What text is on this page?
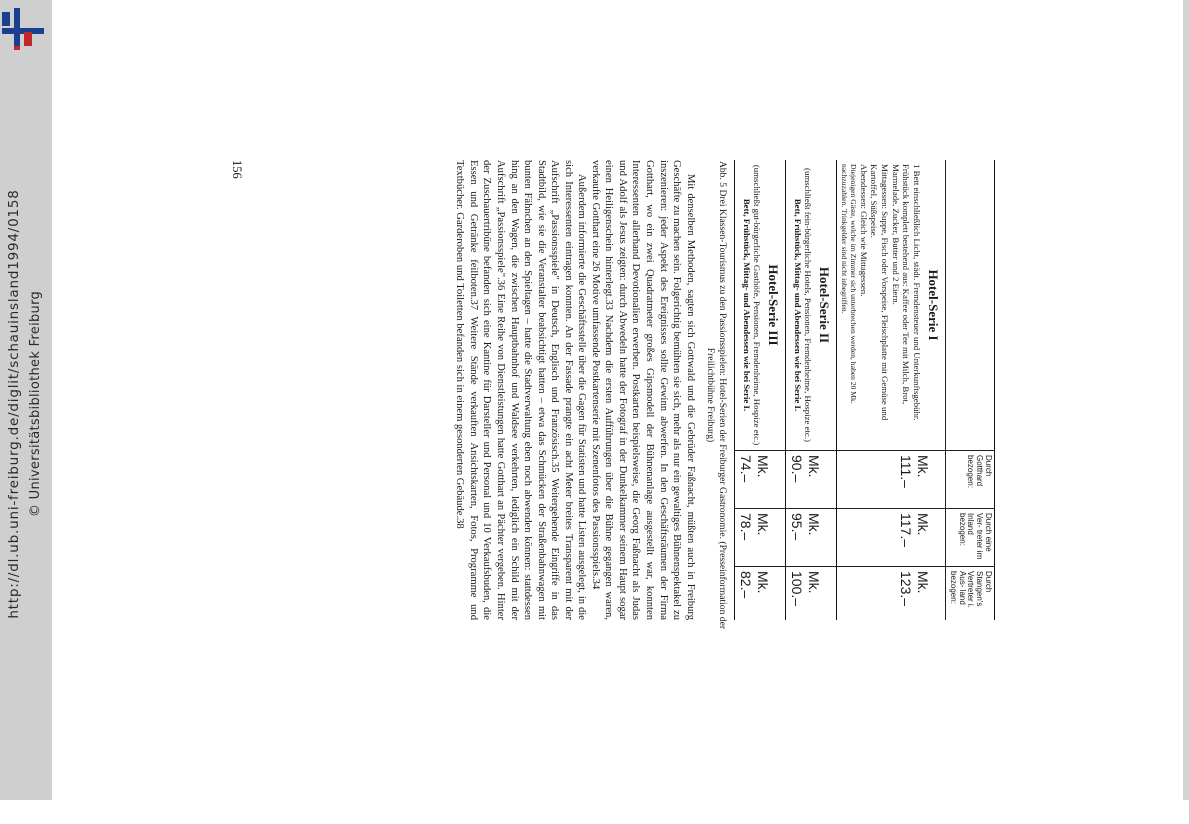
http://dl.ub.uni-freiburg.de/diglit/schauinsland1994/0158 © Universitätsbibliothek Freiburg	Durch Gotthard bezogen:
Durch eine Ver- treter im Inland bezogen:
Durch Stangen's Vertreter i. Aus- land bezogen:
Hotel-Serie I
1 Bett einschließlich Licht, städt. Fremdensteuer und Unterkunftsgebühr.
Frühstück komplett bestehend aus: Kaffee oder Tee mit Milch, Brot, Marmelade, Zucker, Butter und 2 Eiern.
Mittagessen: Suppe, Fisch oder Vorspeise, Fleischplatte mit Gemüse und Kartoffel, Süßspeise.
Abendessen: Gleich wie Mittagessen.
Diejenigen Gäste, welche im Zimmer sich unterbrechen werden, haben 20 Mk. nachzuzahlen. Trinkgelder sind nicht inbegriffen.
Mk. 111.–
Mk. 117.–
Mk. 123.–
Hotel-Serie II
(umschließt fein-bürgerliche Hotels, Pensionen, Fremdenheime, Hospize etc.)
Bett, Frühstück, Mittag- und Abendessen wie bei Serie I.
Mk. 90.–
Mk. 95.–
Mk. 100.–
Hotel-Serie III
(umschließt gut-bürgerliche Gasthöfe, Pensionen, Fremdenheime, Hospize etc.)
Bett, Frühstück, Mittag- und Abendessen wie bei Serie I.
Mk. 74.–
Mk. 78.–
Mk. 82.–
Abb. 5 Drei Klassen-Tourismus zu den Passionsspielen: Hotel-Serien der Freiburger Gastronomie. (Presseinformation der Freilichtbühne Freiburg)

Mit denselben Methoden, sagten sich Gottwald und die Gebrüder Faßnacht, müßten auch in Freiburg Geschäfte zu machen sein. Folgerichtig bemühten sie sich, mehr als nur ein gewaltiges Bühnenspektakel zu inszenieren: jeder Aspekt des Ereignisses sollte Gewinn abwerfen. In den Geschäftsräumen der Firma Gotthart, wo ein zwei Quadratmeter großes Gipsmodell der Bühnenanlage ausgestellt war, konnten Interessenten allerhand Devotionalien erwerben. Postkarten beispielsweise, die Georg Faßnacht als Judas und Adolf als Jesus zeigten: durch Abwedeln hatte der Fotograf in der Dunkelkammer seinem Haupt sogar einen Heiligenschein hinterlegt.33 Nachdem die ersten Aufführungen über die Bühne gegangen waren, verkaufte Gotthart eine 26 Motive umfassende Postkartenserie mit Szenenfotos des Passionsspiels.34

Außerdem informierte die Geschäftsstelle über die Gagen für Statisten und hatte Listen ausgelegt, in die sich Interessenten eintragen konnten. An der Fassade prangte ein acht Meter breites Transparent mit der Aufschrift „Passionsspiele" in Deutsch, Englisch und Französisch.35 Weitergehende Eingriffe in das Stadtbild, wie sie die Veranstalter beabsichtigt hatten – etwa das Schmücken der Straßenbahnwagen mit bunten Fähnchen an den Spieltagen – hatte die Stadtverwaltung eben noch abwenden können: stattdessen hing an den Wagen, die zwischen Hauptbahnhof und Waldsee verkehrten, lediglich ein Schild mit der Aufschrift „Passionsspiele".36 Eine Reihe von Dienstleistungen hatte Gotthart an Pächter vergeben. Hinter der Zuschauertribüne befanden sich eine Kantine für Darsteller und Personal und 10 Verkaufsbuden, die Essen und Getränke feilboten.37 Weitere Stände verkauften Ansichtskarten, Fotos, Programme und Textbücher. Garderoben und Toiletten befanden sich in einem gesonderten Gebäude.38

156
